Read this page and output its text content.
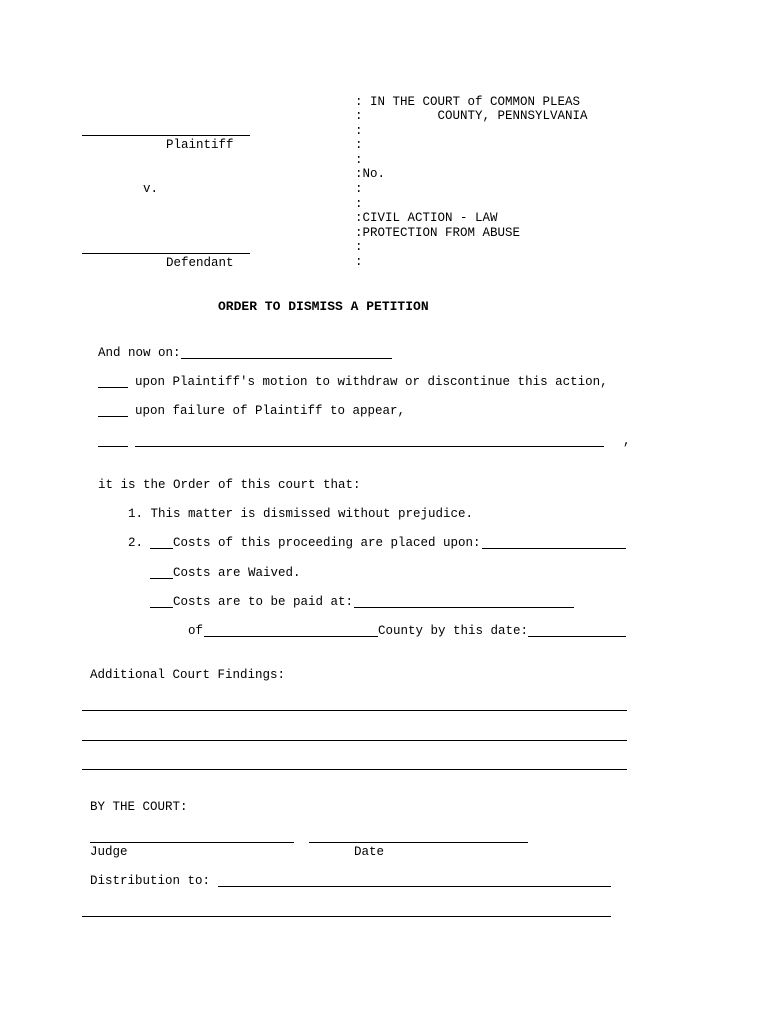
Plaintiff
v.
Defendant
: IN THE COURT of COMMON PLEAS
:          COUNTY, PENNSYLVANIA
:
:
:
:No.
:
:
:CIVIL ACTION - LAW
:PROTECTION FROM ABUSE
:
:
ORDER TO DISMISS A PETITION
And now on:
upon Plaintiff's motion to withdraw or discontinue this action,
upon failure of Plaintiff to appear,
,
it is the Order of this court that:
1. This matter is dismissed without prejudice.
2. Costs of this proceeding are placed upon:
Costs are Waived.
Costs are to be paid at:
of	County by this date:
Additional Court Findings:
BY THE COURT:
Judge	Date
Distribution to:
